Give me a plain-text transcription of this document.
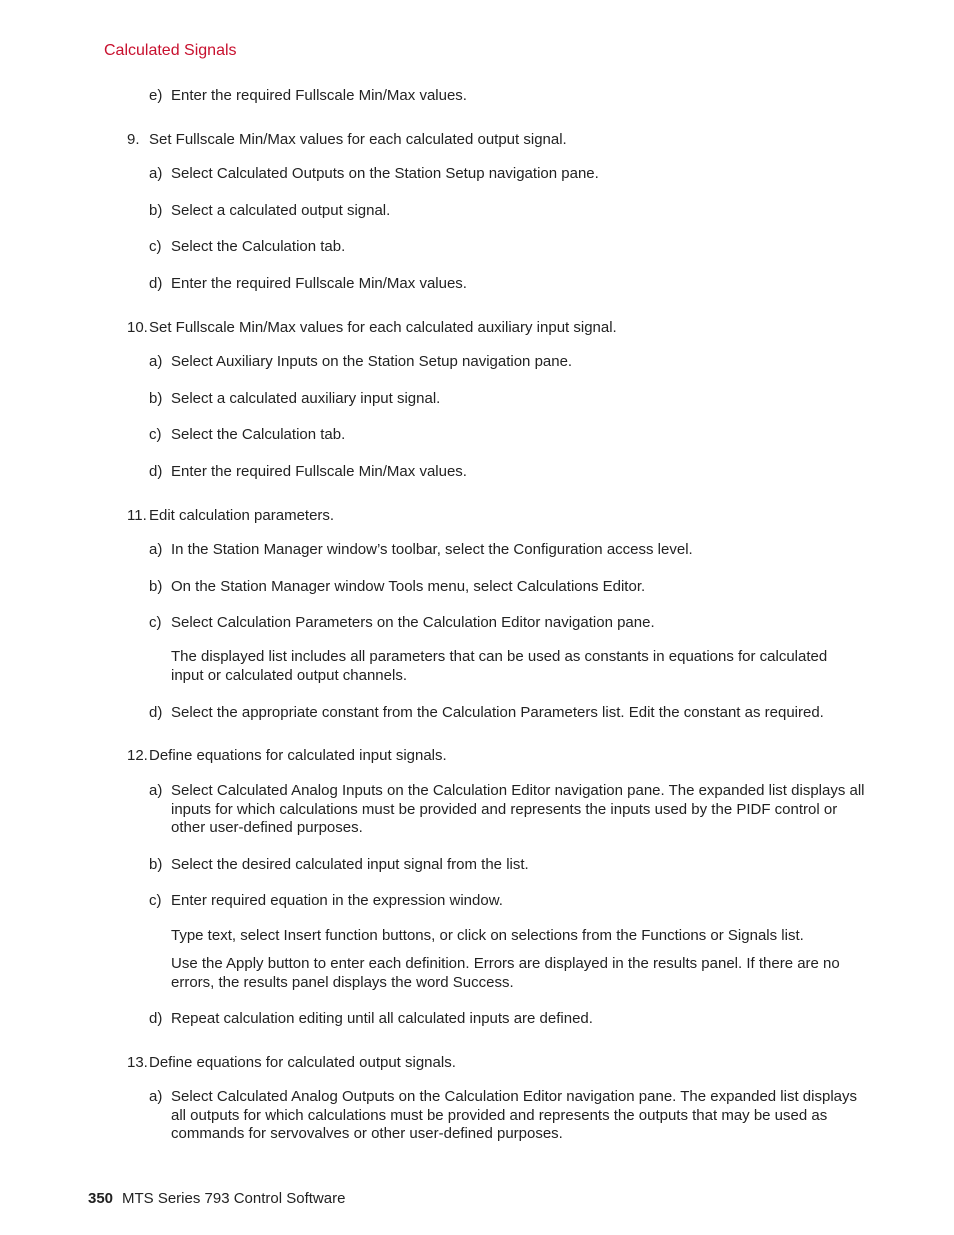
Calculated Signals
e) Enter the required Fullscale Min/Max values.
9. Set Fullscale Min/Max values for each calculated output signal.
a) Select Calculated Outputs on the Station Setup navigation pane.
b) Select a calculated output signal.
c) Select the Calculation tab.
d) Enter the required Fullscale Min/Max values.
10. Set Fullscale Min/Max values for each calculated auxiliary input signal.
a) Select Auxiliary Inputs on the Station Setup navigation pane.
b) Select a calculated auxiliary input signal.
c) Select the Calculation tab.
d) Enter the required Fullscale Min/Max values.
11. Edit calculation parameters.
a) In the Station Manager window’s toolbar, select the Configuration access level.
b) On the Station Manager window Tools menu, select Calculations Editor.
c) Select Calculation Parameters on the Calculation Editor navigation pane.
The displayed list includes all parameters that can be used as constants in equations for calculated input or calculated output channels.
d) Select the appropriate constant from the Calculation Parameters list. Edit the constant as required.
12. Define equations for calculated input signals.
a) Select Calculated Analog Inputs on the Calculation Editor navigation pane. The expanded list displays all inputs for which calculations must be provided and represents the inputs used by the PIDF control or other user-defined purposes.
b) Select the desired calculated input signal from the list.
c) Enter required equation in the expression window.
Type text, select Insert function buttons, or click on selections from the Functions or Signals list.
Use the Apply button to enter each definition. Errors are displayed in the results panel. If there are no errors, the results panel displays the word Success.
d) Repeat calculation editing until all calculated inputs are defined.
13. Define equations for calculated output signals.
a) Select Calculated Analog Outputs on the Calculation Editor navigation pane. The expanded list displays all outputs for which calculations must be provided and represents the outputs that may be used as commands for servovalves or other user-defined purposes.
350 MTS Series 793 Control Software
